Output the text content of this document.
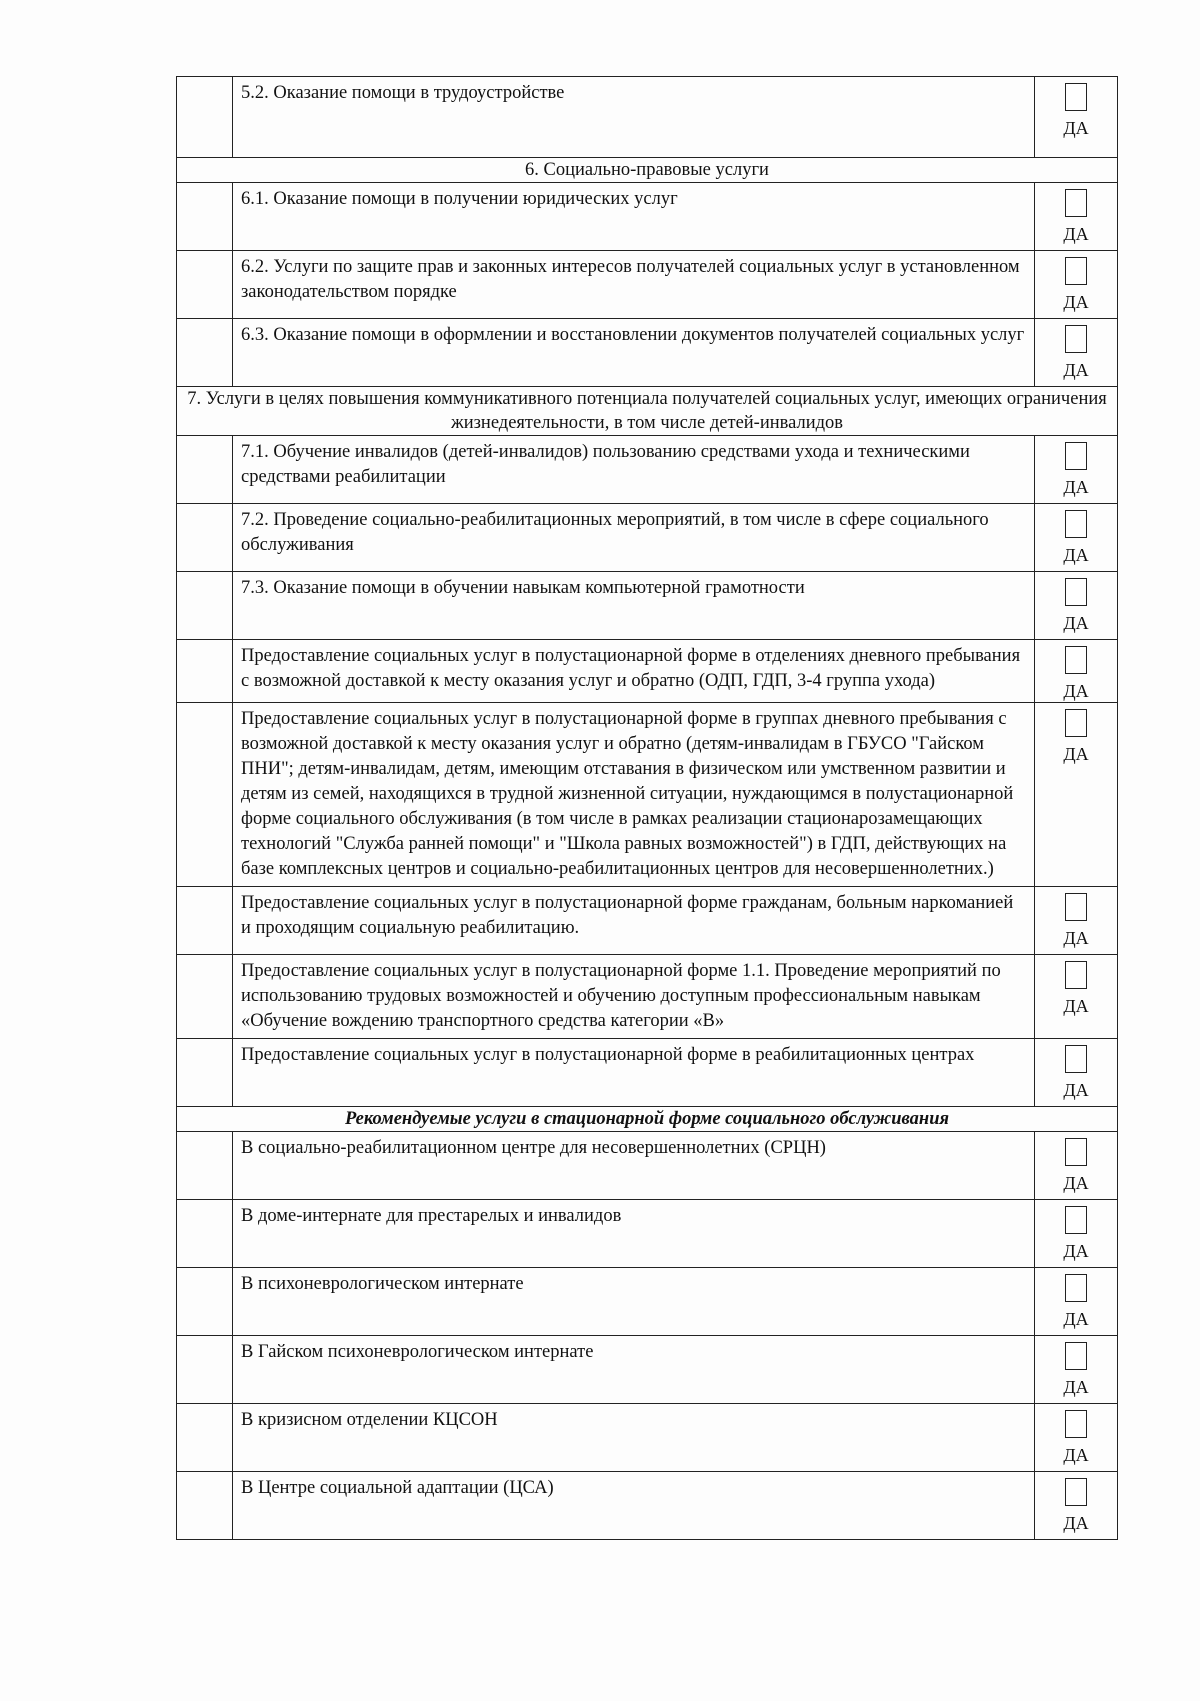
	5.2. Оказание помощи в трудоустройстве	ДА

6. Социально-правовые услуги		
	6.1. Оказание помощи в получении юридических услуг	ДА

	6.2. Услуги по защите прав и законных интересов получателей социальных услуг в установленном законодательством порядке	ДА

	6.3. Оказание помощи в оформлении и восстановлении документов получателей социальных услуг	ДА

7. Услуги в целях повышения коммуникативного потенциала получателей социальных услуг, имеющих ограничения жизнедеятельности, в том числе детей-инвалидов		
	7.1. Обучение инвалидов (детей-инвалидов) пользованию средствами ухода и техническими средствами реабилитации	ДА

	7.2. Проведение социально-реабилитационных мероприятий, в том числе в сфере социального обслуживания	ДА

	7.3. Оказание помощи в обучении навыкам компьютерной грамотности	ДА

	Предоставление социальных услуг в полустационарной форме в отделениях дневного пребывания с возможной доставкой к месту оказания услуг и обратно (ОДП, ГДП, 3-4 группа ухода)	ДА

	Предоставление социальных услуг в полустационарной форме в группах дневного пребывания с возможной доставкой к месту оказания услуг и обратно (детям-инвалидам в ГБУСО "Гайском ПНИ"; детям-инвалидам, детям, имеющим отставания в физическом или умственном развитии и детям из семей, находящихся в трудной жизненной ситуации, нуждающимся в полустационарной форме социального обслуживания (в том числе в рамках реализации стационарозамещающих технологий "Служба ранней помощи" и "Школа равных возможностей") в ГДП, действующих на базе комплексных центров и социально-реабилитационных центров для несовершеннолетних.)	ДА

	Предоставление социальных услуг в полустационарной форме гражданам, больным наркоманией и проходящим социальную реабилитацию.	ДА

	Предоставление социальных услуг в полустационарной форме 1.1. Проведение мероприятий по использованию трудовых возможностей и обучению доступным профессиональным навыкам «Обучение вождению транспортного средства категории «В»	ДА

	Предоставление социальных услуг в полустационарной форме в реабилитационных центрах	ДА

Рекомендуемые услуги в стационарной форме социального обслуживания		
	В социально-реабилитационном центре для несовершеннолетних (СРЦН)	ДА

	В доме-интернате для престарелых и инвалидов	ДА

	В психоневрологическом интернате	ДА

	В Гайском психоневрологическом интернате	ДА

	В кризисном отделении КЦСОН	ДА

	В Центре социальной адаптации (ЦСА)	ДА
